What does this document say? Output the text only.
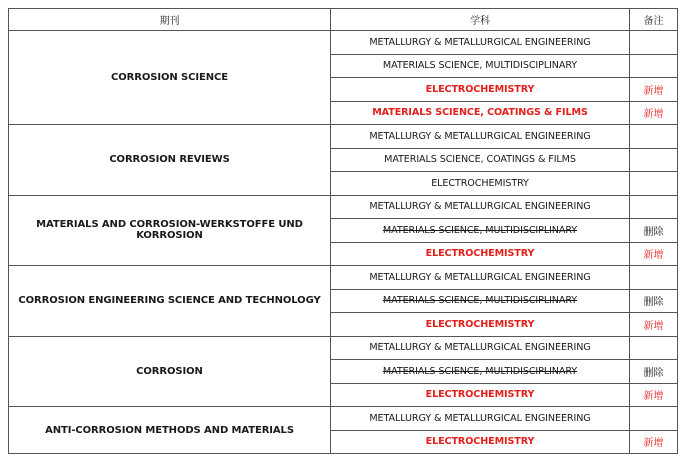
期刊	学科	备注
CORROSION SCIENCE	METALLURGY & METALLURGICAL ENGINEERING	
	MATERIALS SCIENCE, MULTIDISCIPLINARY	
	ELECTROCHEMISTRY	新增
	MATERIALS SCIENCE, COATINGS & FILMS	新增
CORROSION REVIEWS	METALLURGY & METALLURGICAL ENGINEERING	
	MATERIALS SCIENCE, COATINGS & FILMS	
	ELECTROCHEMISTRY	
MATERIALS AND CORROSION-WERKSTOFFE UND KORROSION	METALLURGY & METALLURGICAL ENGINEERING	
	MATERIALS SCIENCE, MULTIDISCIPLINARY	删除
	ELECTROCHEMISTRY	新增
CORROSION ENGINEERING SCIENCE AND TECHNOLOGY	METALLURGY & METALLURGICAL ENGINEERING	
	MATERIALS SCIENCE, MULTIDISCIPLINARY	删除
	ELECTROCHEMISTRY	新增
CORROSION	METALLURGY & METALLURGICAL ENGINEERING	
	MATERIALS SCIENCE, MULTIDISCIPLINARY	删除
	ELECTROCHEMISTRY	新增
ANTI-CORROSION METHODS AND MATERIALS	METALLURGY & METALLURGICAL ENGINEERING	
	ELECTROCHEMISTRY	新增
